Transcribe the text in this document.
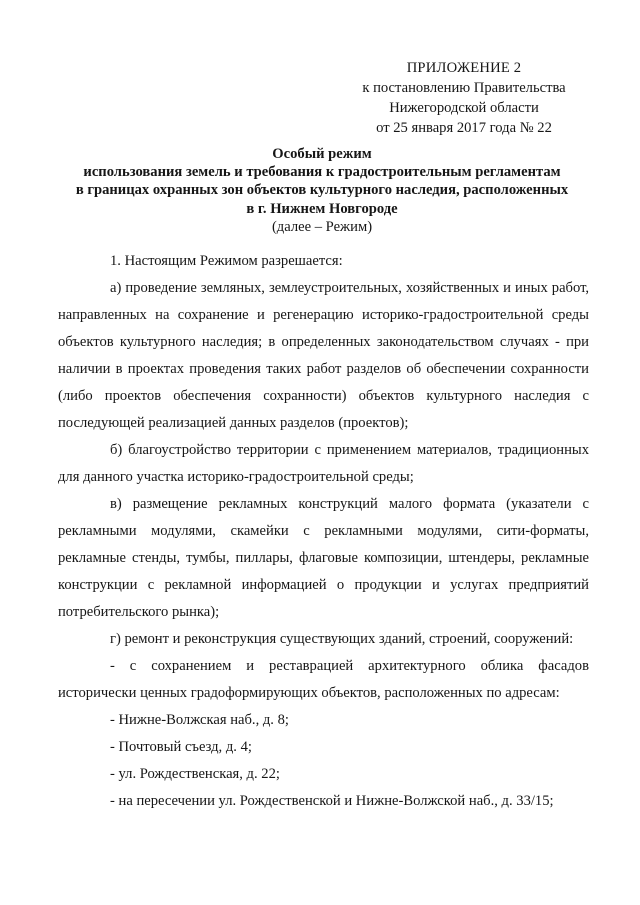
ПРИЛОЖЕНИЕ 2
к постановлению Правительства
Нижегородской области
от 25 января 2017 года № 22
Особый режим
использования земель и требования к градостроительным регламентам
в границах охранных зон объектов культурного наследия, расположенных
в г. Нижнем Новгороде
(далее – Режим)

1. Настоящим Режимом разрешается:

а) проведение земляных, землеустроительных, хозяйственных и иных работ, направленных на сохранение и регенерацию историко-градостроительной среды объектов культурного наследия; в определенных законодательством случаях - при наличии в проектах проведения таких работ разделов об обеспечении сохранности (либо проектов обеспечения сохранности) объектов культурного наследия с последующей реализацией данных разделов (проектов);

б) благоустройство территории с применением материалов, традиционных для данного участка историко-градостроительной среды;

в) размещение рекламных конструкций малого формата (указатели с рекламными модулями, скамейки с рекламными модулями, сити-форматы, рекламные стенды, тумбы, пиллары, флаговые композиции, штендеры, рекламные конструкции с рекламной информацией о продукции и услугах предприятий потребительского рынка);

г) ремонт и реконструкция существующих зданий, строений, сооружений:

- с сохранением и реставрацией архитектурного облика фасадов исторически ценных градоформирующих объектов, расположенных по адресам:

- Нижне-Волжская наб., д. 8;

- Почтовый съезд, д. 4;

- ул. Рождественская, д. 22;

- на пересечении ул. Рождественской и Нижне-Волжской наб., д. 33/15;
